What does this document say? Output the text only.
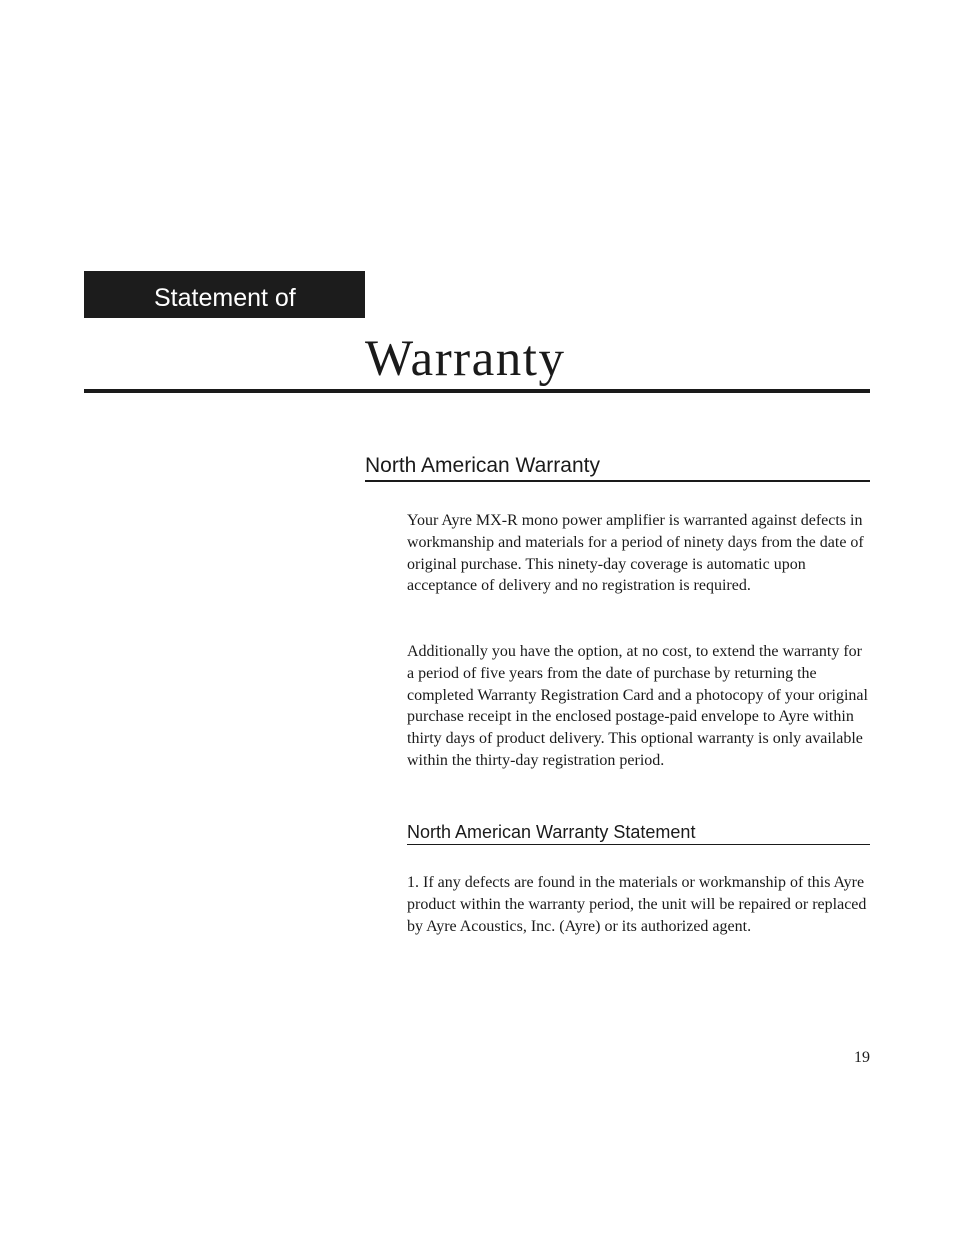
Statement of
Warranty
North American Warranty

Your Ayre MX-R mono power amplifier is warranted against defects in workmanship and materials for a period of ninety days from the date of original purchase. This ninety-day coverage is automatic upon acceptance of delivery and no registration is required.

Additionally you have the option, at no cost, to extend the warranty for a period of five years from the date of purchase by returning the completed Warranty Registration Card and a photocopy of your original purchase receipt in the enclosed postage-paid envelope to Ayre within thirty days of product delivery. This optional warranty is only available within the thirty-day registration period.

North American Warranty Statement

1. If any defects are found in the materials or workmanship of this Ayre product within the warranty period, the unit will be repaired or replaced by Ayre Acoustics, Inc. (Ayre) or its authorized agent.

19
